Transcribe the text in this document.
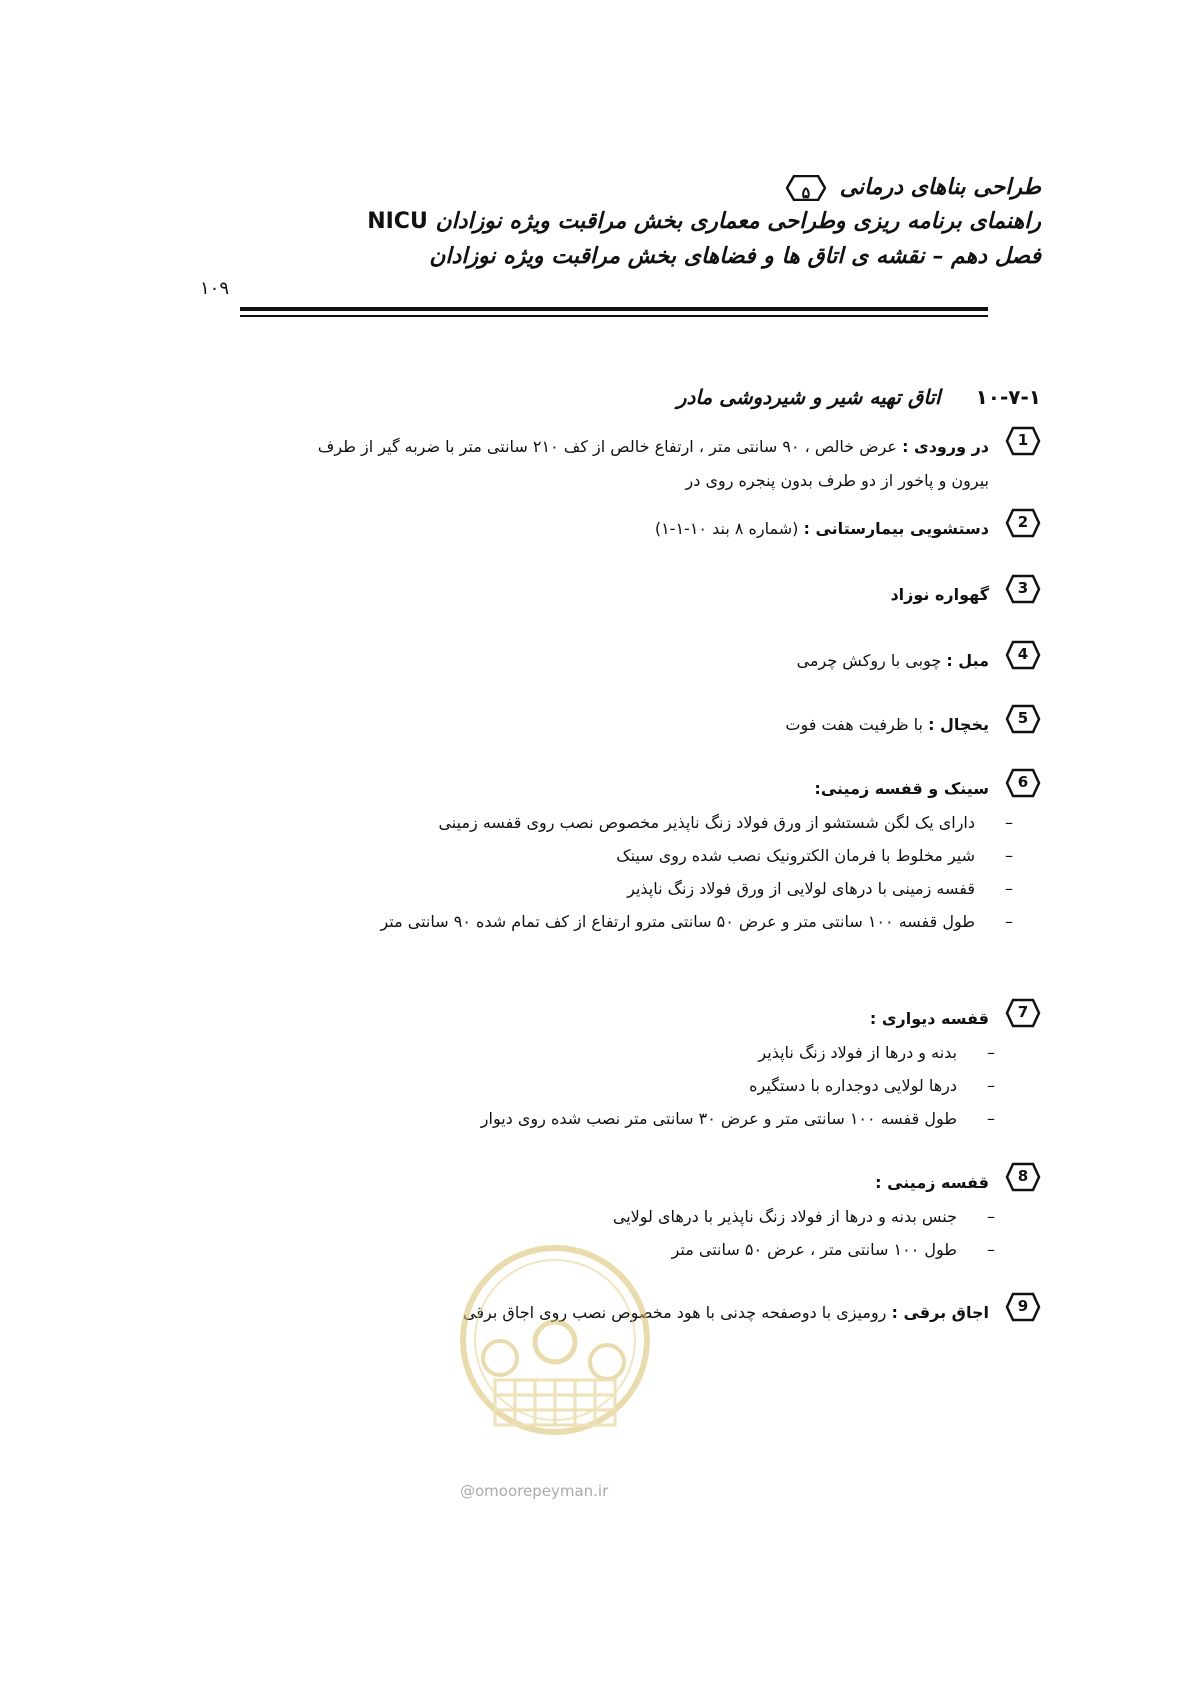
طراحی بناهای درمانی
۵
راهنمای برنامه ریزی وطراحی معماری بخش مراقبت ویژه نوزادان NICU
فصل دهم – نقشه ی اتاق ها و فضاهای بخش مراقبت ویژه نوزادان
۱۰۹
۱۰-۷-۱ اتاق تهیه شیر و شیردوشی مادر
1
در ورودی : عرض خالص ، ۹۰ سانتی متر ، ارتفاع خالص از کف ۲۱۰ سانتی متر با ضربه گیر از طرف بیرون و پاخور از دو طرف بدون پنجره روی در
2
دستشویی بیمارستانی : (شماره ۸ بند ۱۰-۱-۱)
3
گهواره نوزاد
4
مبل : چوبی با روکش چرمی
5
یخچال : با ظرفیت هفت فوت
6
سینک و قفسه زمینی:
–
دارای یک لگن شستشو از ورق فولاد زنگ ناپذیر مخصوص نصب روی قفسه زمینی
–
شیر مخلوط با فرمان الکترونیک نصب شده روی سینک
–
قفسه زمینی با درهای لولایی از ورق فولاد زنگ ناپذیر
–
طول قفسه ۱۰۰ سانتی متر و عرض ۵۰ سانتی مترو ارتفاع از کف تمام شده ۹۰ سانتی متر
7
قفسه دیواری :
–
بدنه و درها از فولاد زنگ ناپذیر
–
درها لولایی دوجداره با دستگیره
–
طول قفسه ۱۰۰ سانتی متر و عرض ۳۰ سانتی متر نصب شده روی دیوار
8
قفسه زمینی :
–
جنس بدنه و درها از فولاد زنگ ناپذیر با درهای لولایی
–
طول ۱۰۰ سانتی متر ، عرض ۵۰ سانتی متر
9
اجاق برقی : رومیزی با دوصفحه چدنی با هود مخصوص نصب روی اجاق برقی
@omoorepeyman.ir
